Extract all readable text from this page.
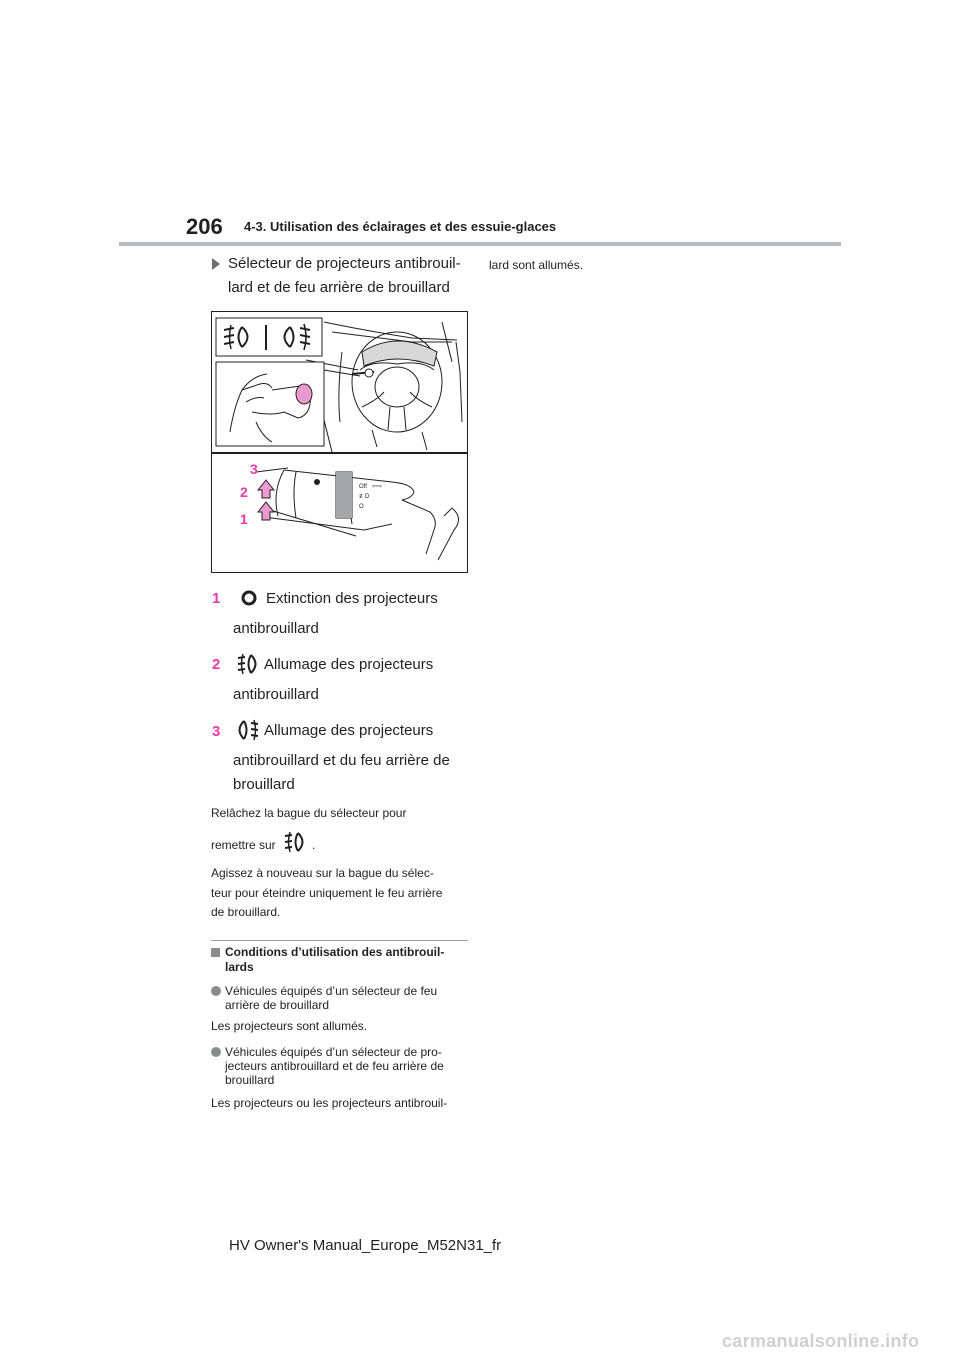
206 4-3. Utilisation des éclairages et des essuie-glaces
Sélecteur de projecteurs antibrouil-
lard et de feu arrière de brouillard
lard sont allumés.
Off
≢D
O
⇦⇨
3
2
1
1	Extinction des projecteurs
antibrouillard
2	Allumage des projecteurs
antibrouillard
3	Allumage des projecteurs
antibrouillard et du feu arrière de
brouillard
Relâchez la bague du sélecteur pour
remettre sur	.
Agissez à nouveau sur la bague du sélec-
teur pour éteindre uniquement le feu arrière
de brouillard.
Conditions d’utilisation des antibrouil-
lards
Véhicules équipés d’un sélecteur de feu
arrière de brouillard
Les projecteurs sont allumés.
Véhicules équipés d’un sélecteur de pro-
jecteurs antibrouillard et de feu arrière de
brouillard
Les projecteurs ou les projecteurs antibrouil-
HV Owner's Manual_Europe_M52N31_fr
carmanualsonline.info
